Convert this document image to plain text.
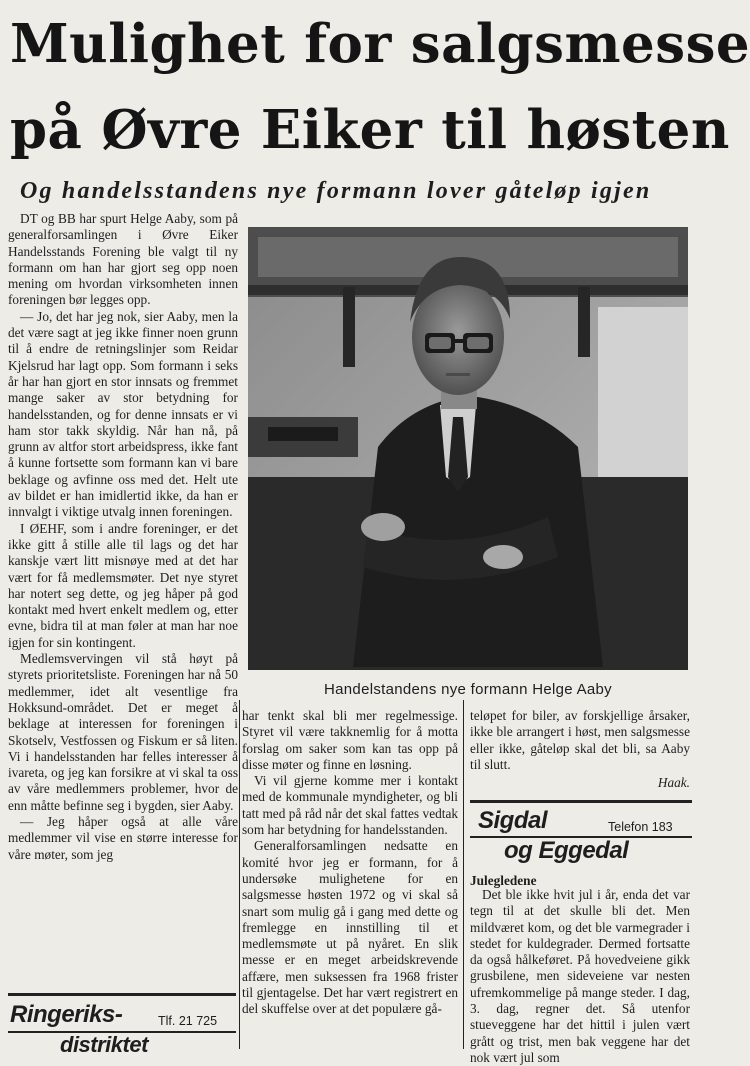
Mulighet for salgsmesse
på Øvre Eiker til høsten
Og handelsstandens nye formann lover gåteløp igjen

DT og BB har spurt Helge Aaby, som på generalforsamlingen i Øvre Eiker Handelsstands Forening ble valgt til ny formann om han har gjort seg opp noen mening om hvordan virksomheten innen foreningen bør legges opp.

— Jo, det har jeg nok, sier Aaby, men la det være sagt at jeg ikke finner noen grunn til å endre de retningslinjer som Reidar Kjelsrud har lagt opp. Som formann i seks år har han gjort en stor innsats og fremmet mange saker av stor betydning for handelsstanden, og for denne innsats er vi ham stor takk skyldig. Når han nå, på grunn av altfor stort arbeidspress, ikke fant å kunne fortsette som formann kan vi bare beklage og avfinne oss med det. Helt ute av bildet er han imidlertid ikke, da han er innvalgt i viktige utvalg innen foreningen.

I ØEHF, som i andre foreninger, er det ikke gitt å stille alle til lags og det har kanskje vært litt misnøye med at det har vært for få medlemsmøter. Det nye styret har notert seg dette, og jeg håper på god kontakt med hvert enkelt medlem og, etter evne, bidra til at man føler at man har noe igjen for sin kontingent.

Medlemsvervingen vil stå høyt på styrets prioritetsliste. Foreningen har nå 50 medlemmer, idet alt vesentlige fra Hokksund-området. Det er meget å beklage at interessen for foreningen i Skotselv, Vestfossen og Fiskum er så liten. Vi i handelsstanden har felles interesser å ivareta, og jeg kan forsikre at vi skal ta oss av våre medlemmers problemer, hvor de enn måtte befinne seg i bygden, sier Aaby.

— Jeg håper også at alle våre medlemmer vil vise en større interesse for våre møter, som jeg

Handelstandens nye formann Helge Aaby

har tenkt skal bli mer regelmessige. Styret vil være takknemlig for å motta forslag om saker som kan tas opp på disse møter og finne en løsning.

Vi vil gjerne komme mer i kontakt med de kommunale myndigheter, og bli tatt med på råd når det skal fattes vedtak som har betydning for handelsstanden.

Generalforsamlingen nedsatte en komité hvor jeg er formann, for å undersøke mulighetene for en salgsmesse høsten 1972 og vi skal så snart som mulig gå i gang med dette og fremlegge en innstilling til et medlemsmøte ut på nyåret. En slik messe er en meget arbeidskrevende affære, men suksessen fra 1968 frister til gjentagelse. Det har vært registrert en del skuffelse over at det populære gå-

teløpet for biler, av forskjellige årsaker, ikke ble arrangert i høst, men salgsmesse eller ikke, gåteløp skal det bli, sa Aaby til slutt.

Haak.

Sigdal	Telefon 183

og Eggedal

Julegledene

Det ble ikke hvit jul i år, enda det var tegn til at det skulle bli det. Men mildværet kom, og det ble varmegrader i stedet for kuldegrader. Dermed fortsatte da også hålkeføret. På hovedveiene gikk grusbilene, men sideveiene var nesten ufremkommelige på mange steder. I dag, 3. dag, regner det. Så utenfor stueveggene har det hittil i julen vært grått og trist, men bak veggene har det nok vært jul som

Ringeriks-	Tlf. 21 725

distriktet
